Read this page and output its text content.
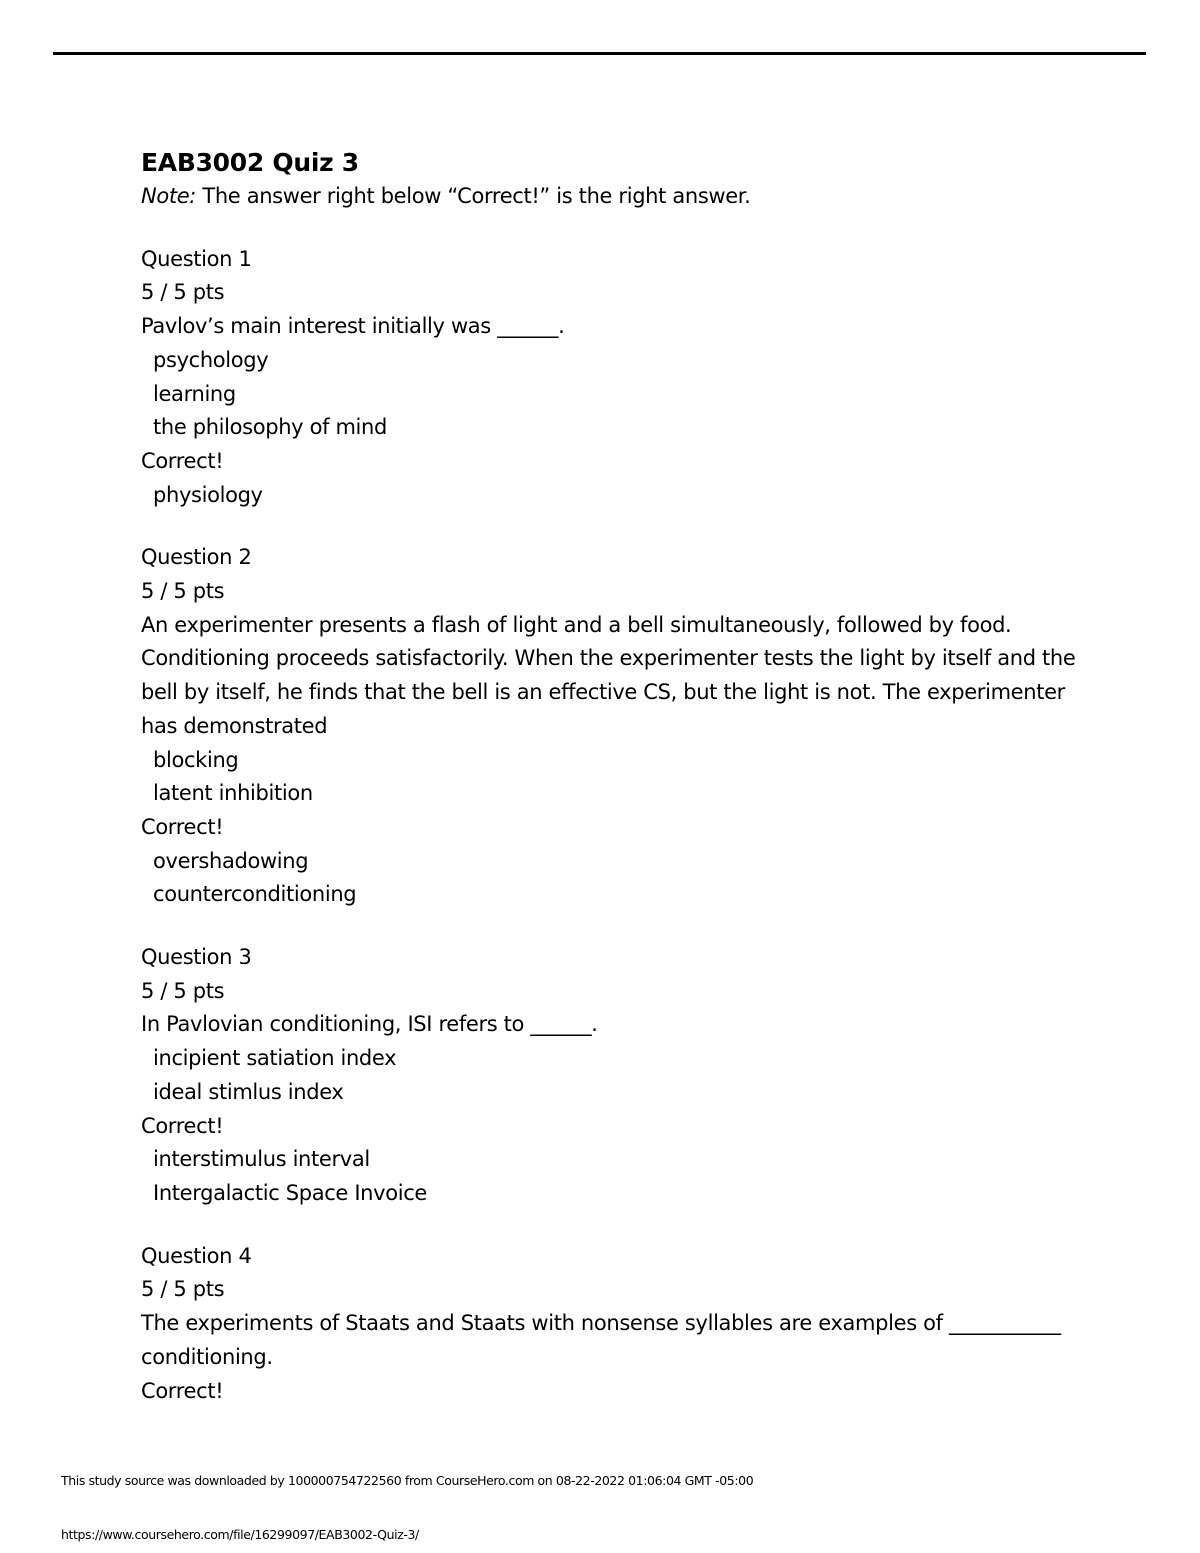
EAB3002 Quiz 3
Note: The answer right below “Correct!” is the right answer.
Question 1
5 / 5 pts
Pavlov’s main interest initially was ______.
psychology
learning
the philosophy of mind
Correct!
physiology
Question 2
5 / 5 pts
An experimenter presents a flash of light and a bell simultaneously, followed by food. Conditioning proceeds satisfactorily. When the experimenter tests the light by itself and the bell by itself, he finds that the bell is an effective CS, but the light is not. The experimenter has demonstrated
blocking
latent inhibition
Correct!
overshadowing
counterconditioning
Question 3
5 / 5 pts
In Pavlovian conditioning, ISI refers to ______.
incipient satiation index
ideal stimlus index
Correct!
interstimulus interval
Intergalactic Space Invoice
Question 4
5 / 5 pts
The experiments of Staats and Staats with nonsense syllables are examples of ___________ conditioning.
Correct!
This study source was downloaded by 100000754722560 from CourseHero.com on 08-22-2022 01:06:04 GMT -05:00
https://www.coursehero.com/file/16299097/EAB3002-Quiz-3/
